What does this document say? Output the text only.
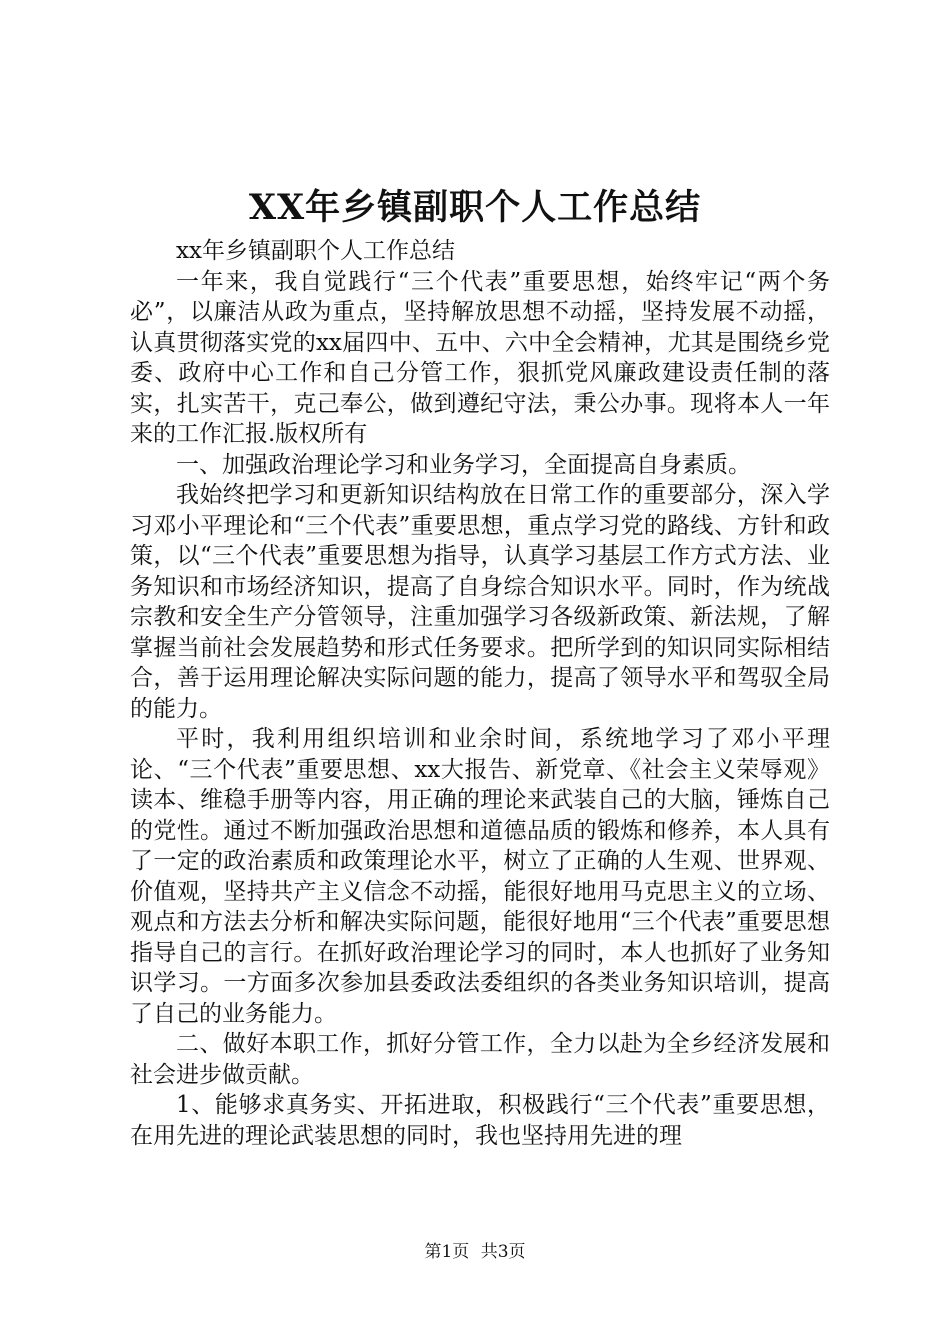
XX年乡镇副职个人工作总结

xx年乡镇副职个人工作总结

一年来，我自觉践行“三个代表”重要思想，始终牢记“两个务必”，以廉洁从政为重点，坚持解放思想不动摇，坚持发展不动摇，认真贯彻落实党的xx届四中、五中、六中全会精神，尤其是围绕乡党委、政府中心工作和自己分管工作，狠抓党风廉政建设责任制的落实，扎实苦干，克己奉公，做到遵纪守法，秉公办事。现将本人一年来的工作汇报.版权所有

一、加强政治理论学习和业务学习，全面提高自身素质。

我始终把学习和更新知识结构放在日常工作的重要部分，深入学习邓小平理论和“三个代表”重要思想，重点学习党的路线、方针和政策，以“三个代表”重要思想为指导，认真学习基层工作方式方法、业务知识和市场经济知识，提高了自身综合知识水平。同时，作为统战宗教和安全生产分管领导，注重加强学习各级新政策、新法规，了解掌握当前社会发展趋势和形式任务要求。把所学到的知识同实际相结合，善于运用理论解决实际问题的能力，提高了领导水平和驾驭全局的能力。

平时，我利用组织培训和业余时间，系统地学习了邓小平理论、“三个代表”重要思想、xx大报告、新党章、《社会主义荣辱观》读本、维稳手册等内容，用正确的理论来武装自己的大脑，锤炼自己的党性。通过不断加强政治思想和道德品质的锻炼和修养，本人具有了一定的政治素质和政策理论水平，树立了正确的人生观、世界观、价值观，坚持共产主义信念不动摇，能很好地用马克思主义的立场、观点和方法去分析和解决实际问题，能很好地用“三个代表”重要思想指导自己的言行。在抓好政治理论学习的同时，本人也抓好了业务知识学习。一方面多次参加县委政法委组织的各类业务知识培训，提高了自己的业务能力。

二、做好本职工作，抓好分管工作，全力以赴为全乡经济发展和社会进步做贡献。

1、能够求真务实、开拓进取，积极践行“三个代表”重要思想，在用先进的理论武装思想的同时，我也坚持用先进的理

第1页 共3页
